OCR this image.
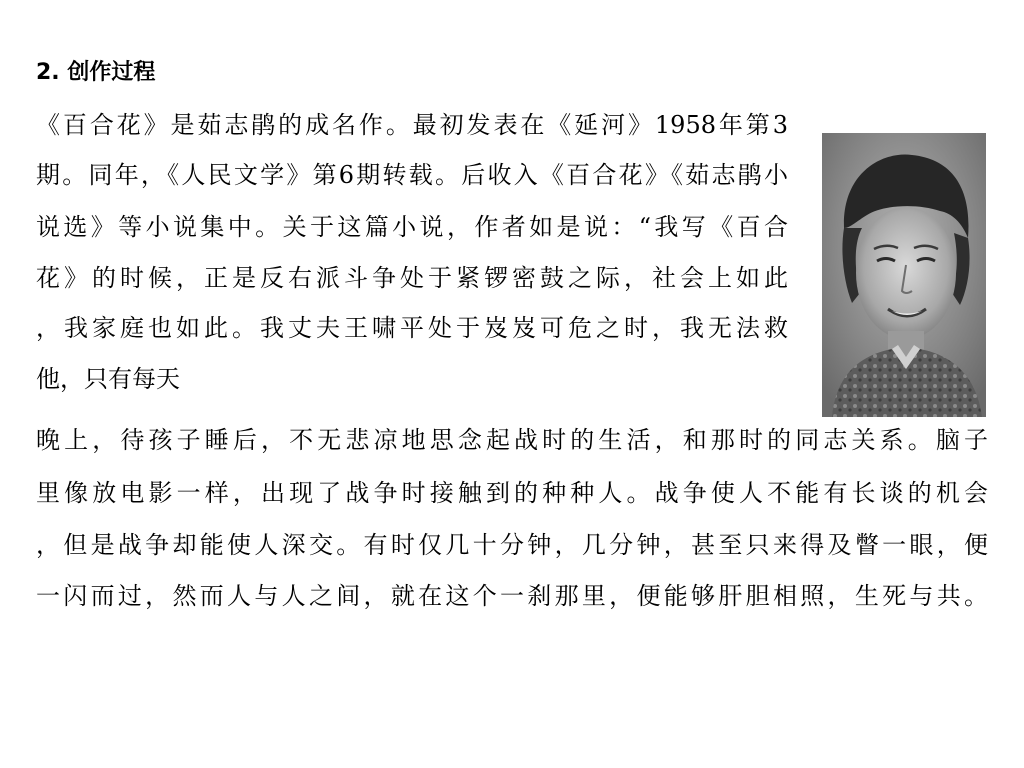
2. 创作过程
《百合花》是茹志鹃的成名作。最初发表在《延河》1958年第3
期。同年，《人民文学》第6期转载。后收入《百合花》《茹志鹃小
说选》等小说集中。关于这篇小说，作者如是说：“我写《百合
花》的时候，正是反右派斗争处于紧锣密鼓之际，社会上如此
，我家庭也如此。我丈夫王啸平处于岌岌可危之时，我无法救
他，只有每天
晚上，待孩子睡后，不无悲凉地思念起战时的生活，和那时的同志关系。脑子
里像放电影一样，出现了战争时接触到的种种人。战争使人不能有长谈的机会
，但是战争却能使人深交。有时仅几十分钟，几分钟，甚至只来得及瞥一眼，便
一闪而过，然而人与人之间，就在这个一刹那里，便能够肝胆相照，生死与共。
